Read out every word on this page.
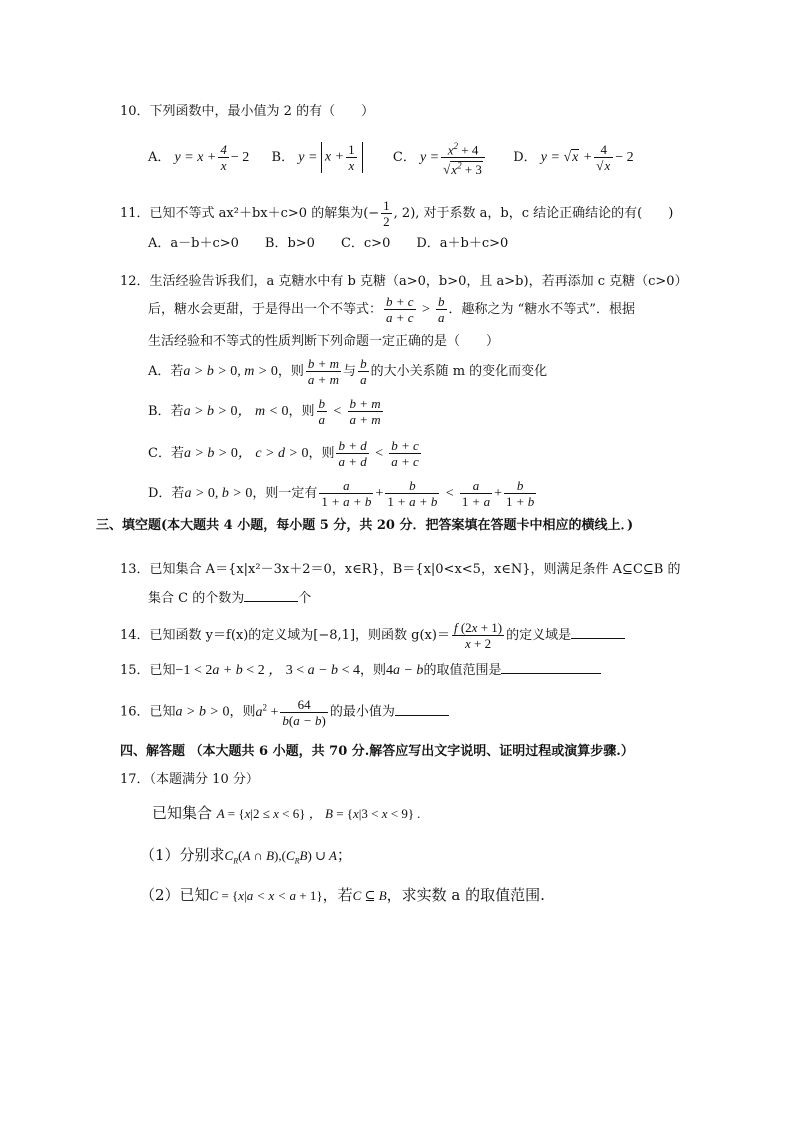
10．下列函数中，最小值为 2 的有（　　）
A． $y = x + \frac{4}{x} - 2$ B． $y = x + \frac{1}{x}$	C． $y = \frac{x^2 + 4}{√x^2 + 3}$ D． $y = √x + \frac{4}{√x} - 2$
11．已知不等式 ax²＋bx＋c>0 的解集为(− $\frac{1}{2}$ , 2), 对于系数 a，b，c 结论正确结论的有(　　)
A．a－b＋c>0　　B．b>0　　C．c>0　　D．a＋b＋c>0
12．生活经验告诉我们，a 克糖水中有 b 克糖（a>0，b>0，且 a>b)，若再添加 c 克糖（c>0）
后，糖水会更甜，于是得出一个不等式： $\frac{b + c}{a + c} > \frac{b}{a}$ ．趣称之为 “糖水不等式”．根据
生活经验和不等式的性质判断下列命题一定正确的是（　　）
A．若a > b > 0, m > 0，则 $\frac{b + m}{a + m}$ 与 $\frac{b}{a}$ 的大小关系随 m 的变化而变化
B．若a > b > 0， m < 0，则 $\frac{b}{a} < \frac{b + m}{a + m}$
C．若a > b > 0， c > d > 0，则 $\frac{b + d}{a + d} < \frac{b + c}{a + c}$
D．若a > 0, b > 0，则一定有 $\frac{a}{1 + a + b} + \frac{b}{1 + a + b} < \frac{a}{1 + a} + \frac{b}{1 + b}$
三、填空题(本大题共 4 小题，每小题 5 分，共 20 分．把答案填在答题卡中相应的横线上．)
13．已知集合 A＝{x|x²－3x＋2＝0，x∈R}，B＝{x|0<x<5，x∈N}，则满足条件 A⊆C⊆B 的
集合 C 的个数为	个
14．已知函数 y＝f(x)的定义域为[−8,1]，则函数 $g(x)= \frac{f (2x + 1)}{x + 2}$ 的定义域是
15．已知−1 < 2a + b < 2 ， 3 < a − b < 4，则4a − b的取值范围是
16．已知a > b > 0，则$a^2 + \frac{64}{b(a - b)}$ 的最小值为
四、解答题 （本大题共 6 小题，共 70 分.解答应写出文字说明、证明过程或演算步骤.）
17．（本题满分 10 分）
已知集合 A = {x|2 ≤ x < 6} ， B = {x|3 < x < 9} .
（1）分别求$C_R(A$ ∩ $B),(C_RB)$ ∪ A；
（2）已知C = {x|a < x < a + 1}，若C ⊆ B，求实数 a 的取值范围.
